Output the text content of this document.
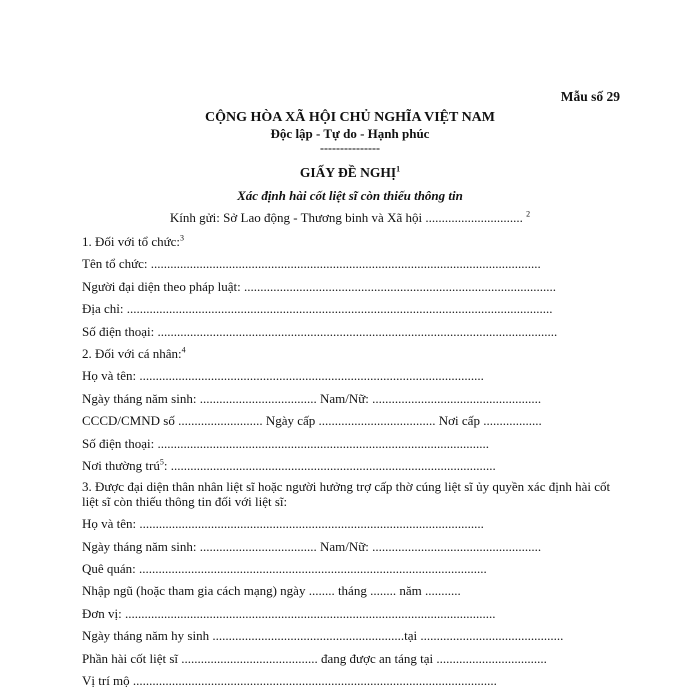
Mẫu số 29
CỘNG HÒA XÃ HỘI CHỦ NGHĨA VIỆT NAM
Độc lập - Tự do - Hạnh phúc
---------------
GIẤY ĐỀ NGHỊ$^1$
Xác định hài cốt liệt sĩ còn thiếu thông tin
Kính gửi: Sở Lao động - Thương binh và Xã hội .............................. $^2$
1. Đối với tổ chức:$^3$
Tên tổ chức: ........................................................................................................................
Người đại diện theo pháp luật: ................................................................................................
Địa chỉ: ...................................................................................................................................
Số điện thoại: ...........................................................................................................................
2. Đối với cá nhân:$^4$
Họ và tên: ..........................................................................................................
Ngày tháng năm sinh: .................................... Nam/Nữ: ....................................................
CCCD/CMND số .......................... Ngày cấp .................................... Nơi cấp ..................
Số điện thoại: ......................................................................................................
Nơi thường trú$^5$: ....................................................................................................
3. Được đại diện thân nhân liệt sĩ hoặc người hưởng trợ cấp thờ cúng liệt sĩ ủy quyền xác định hài cốt liệt sĩ còn thiếu thông tin đối với liệt sĩ:
Họ và tên: ..........................................................................................................
Ngày tháng năm sinh: .................................... Nam/Nữ: ....................................................
Quê quán: ...........................................................................................................
Nhập ngũ (hoặc tham gia cách mạng) ngày ........ tháng ........ năm ...........
Đơn vị: ..................................................................................................................
Ngày tháng năm hy sinh ...........................................................tại ............................................
Phần hài cốt liệt sĩ .......................................... đang được an táng tại ..................................
Vị trí mộ ................................................................................................................
